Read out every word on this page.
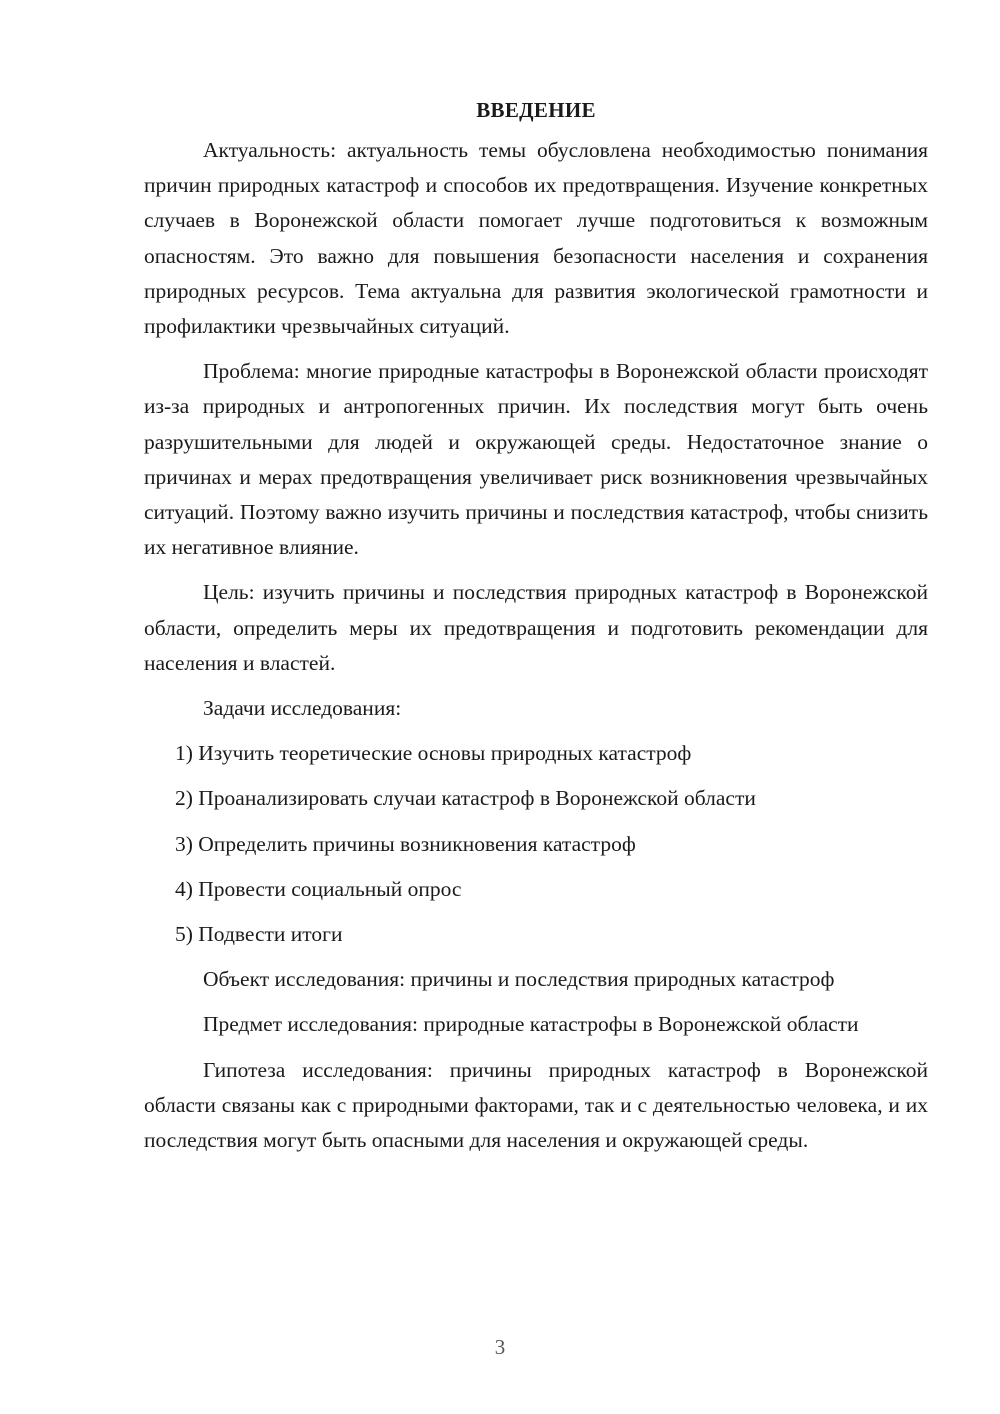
ВВЕДЕНИЕ

Актуальность: актуальность темы обусловлена необходимостью понимания причин природных катастроф и способов их предотвращения. Изучение конкретных случаев в Воронежской области помогает лучше подготовиться к возможным опасностям. Это важно для повышения безопасности населения и сохранения природных ресурсов. Тема актуальна для развития экологической грамотности и профилактики чрезвычайных ситуаций.

Проблема: многие природные катастрофы в Воронежской области происходят из-за природных и антропогенных причин. Их последствия могут быть очень разрушительными для людей и окружающей среды. Недостаточное знание о причинах и мерах предотвращения увеличивает риск возникновения чрезвычайных ситуаций. Поэтому важно изучить причины и последствия катастроф, чтобы снизить их негативное влияние.

Цель: изучить причины и последствия природных катастроф в Воронежской области, определить меры их предотвращения и подготовить рекомендации для населения и властей.

Задачи исследования:
1) Изучить теоретические основы природных катастроф
2) Проанализировать случаи катастроф в Воронежской области
3) Определить причины возникновения катастроф
4) Провести социальный опрос
5) Подвести итоги

Объект исследования: причины и последствия природных катастроф

Предмет исследования: природные катастрофы в Воронежской области

Гипотеза исследования: причины природных катастроф в Воронежской области связаны как с природными факторами, так и с деятельностью человека, и их последствия могут быть опасными для населения и окружающей среды.

3
